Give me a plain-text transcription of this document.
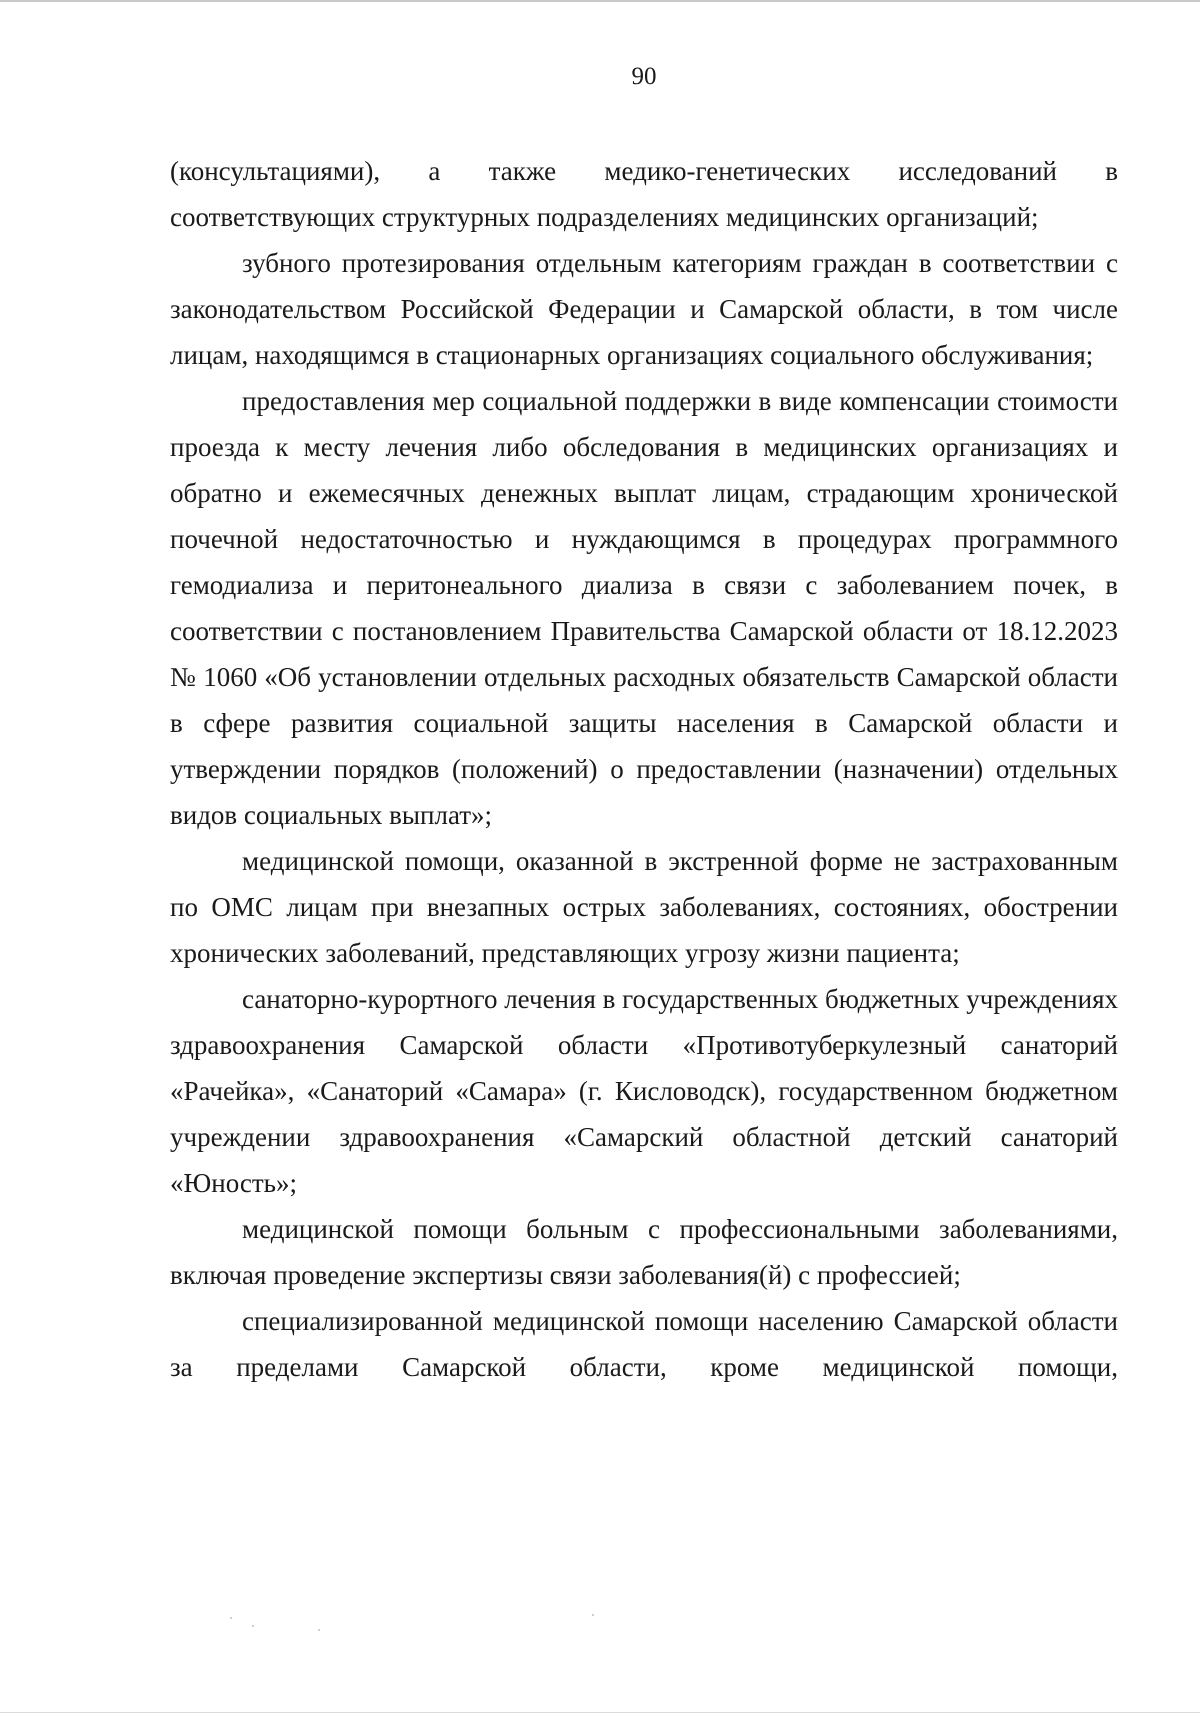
90

(консультациями), а также медико-генетических исследований в соответствующих структурных подразделениях медицинских организаций;

зубного протезирования отдельным категориям граждан в соответствии с законодательством Российской Федерации и Самарской области, в том числе лицам, находящимся в стационарных организациях социального обслуживания;

предоставления мер социальной поддержки в виде компенсации стоимости проезда к месту лечения либо обследования в медицинских организациях и обратно и ежемесячных денежных выплат лицам, страдающим хронической почечной недостаточностью и нуждающимся в процедурах программного гемодиализа и перитонеального диализа в связи с заболеванием почек, в соответствии с постановлением Правительства Самарской области от 18.12.2023 № 1060 «Об установлении отдельных расходных обязательств Самарской области в сфере развития социальной защиты населения в Самарской области и утверждении порядков (положений) о предоставлении (назначении) отдельных видов социальных выплат»;

медицинской помощи, оказанной в экстренной форме не застрахованным по ОМС лицам при внезапных острых заболеваниях, состояниях, обострении хронических заболеваний, представляющих угрозу жизни пациента;

санаторно-курортного лечения в государственных бюджетных учреждениях здравоохранения Самарской области «Противотуберкулезный санаторий «Рачейка», «Санаторий «Самара» (г. Кисловодск), государственном бюджетном учреждении здравоохранения «Самарский областной детский санаторий «Юность»;

медицинской помощи больным с профессиональными заболеваниями, включая проведение экспертизы связи заболевания(й) с профессией;

специализированной медицинской помощи населению Самарской области за пределами Самарской области, кроме медицинской помощи,
